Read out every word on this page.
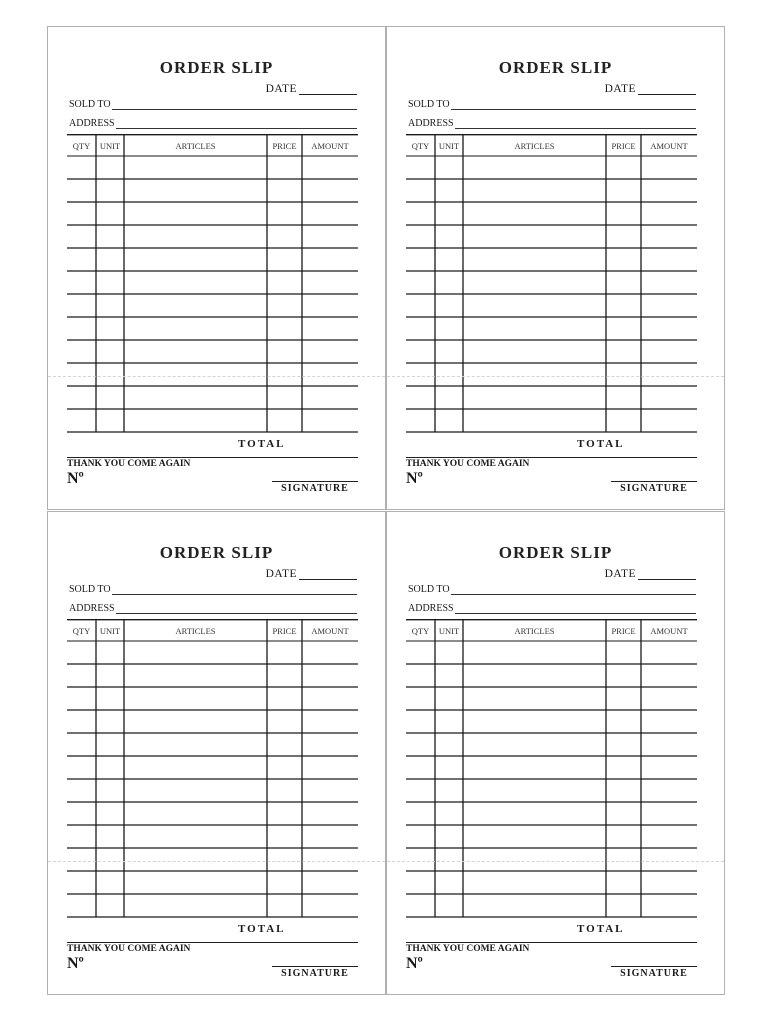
ORDER SLIP
DATE
SOLD TO
ADDRESS
QTY	UNIT	ARTICLES	PRICE	AMOUNT
TOTAL
THANK YOU COME AGAIN
Nº
SIGNATURE
ORDER SLIP
DATE
SOLD TO
ADDRESS
QTY	UNIT	ARTICLES	PRICE	AMOUNT
TOTAL
THANK YOU COME AGAIN
Nº
SIGNATURE
ORDER SLIP
DATE
SOLD TO
ADDRESS
QTY	UNIT	ARTICLES	PRICE	AMOUNT
TOTAL
THANK YOU COME AGAIN
Nº
SIGNATURE
ORDER SLIP
DATE
SOLD TO
ADDRESS
QTY	UNIT	ARTICLES	PRICE	AMOUNT
TOTAL
THANK YOU COME AGAIN
Nº
SIGNATURE
